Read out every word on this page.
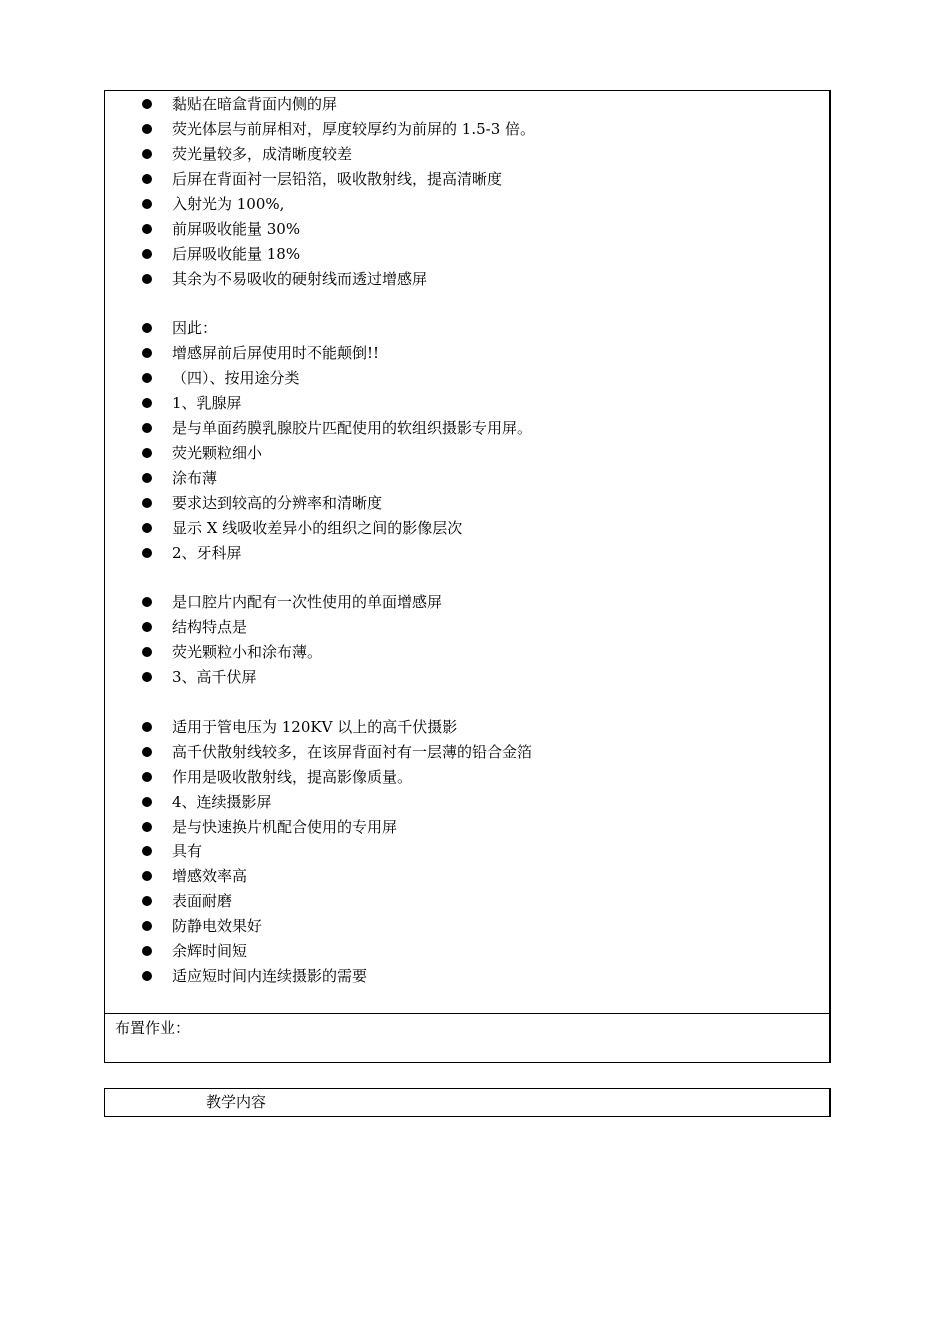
黏贴在暗盒背面内侧的屏
荧光体层与前屏相对，厚度较厚约为前屏的 1.5-3 倍。
荧光量较多，成清晰度较差
后屏在背面衬一层铅箔，吸收散射线，提高清晰度
入射光为 100%,
前屏吸收能量 30%
后屏吸收能量 18%
其余为不易吸收的硬射线而透过增感屏
因此：
增感屏前后屏使用时不能颠倒!!
（四）、按用途分类
1、乳腺屏
是与单面药膜乳腺胶片匹配使用的软组织摄影专用屏。
荧光颗粒细小
涂布薄
要求达到较高的分辨率和清晰度
显示 X 线吸收差异小的组织之间的影像层次
2、牙科屏
是口腔片内配有一次性使用的单面增感屏
结构特点是
荧光颗粒小和涂布薄。
3、高千伏屏
适用于管电压为 120KV 以上的高千伏摄影
高千伏散射线较多，在该屏背面衬有一层薄的铅合金箔
作用是吸收散射线，提高影像质量。
4、连续摄影屏
是与快速换片机配合使用的专用屏
具有
增感效率高
表面耐磨
防静电效果好
余辉时间短
适应短时间内连续摄影的需要
布置作业：
教学内容
